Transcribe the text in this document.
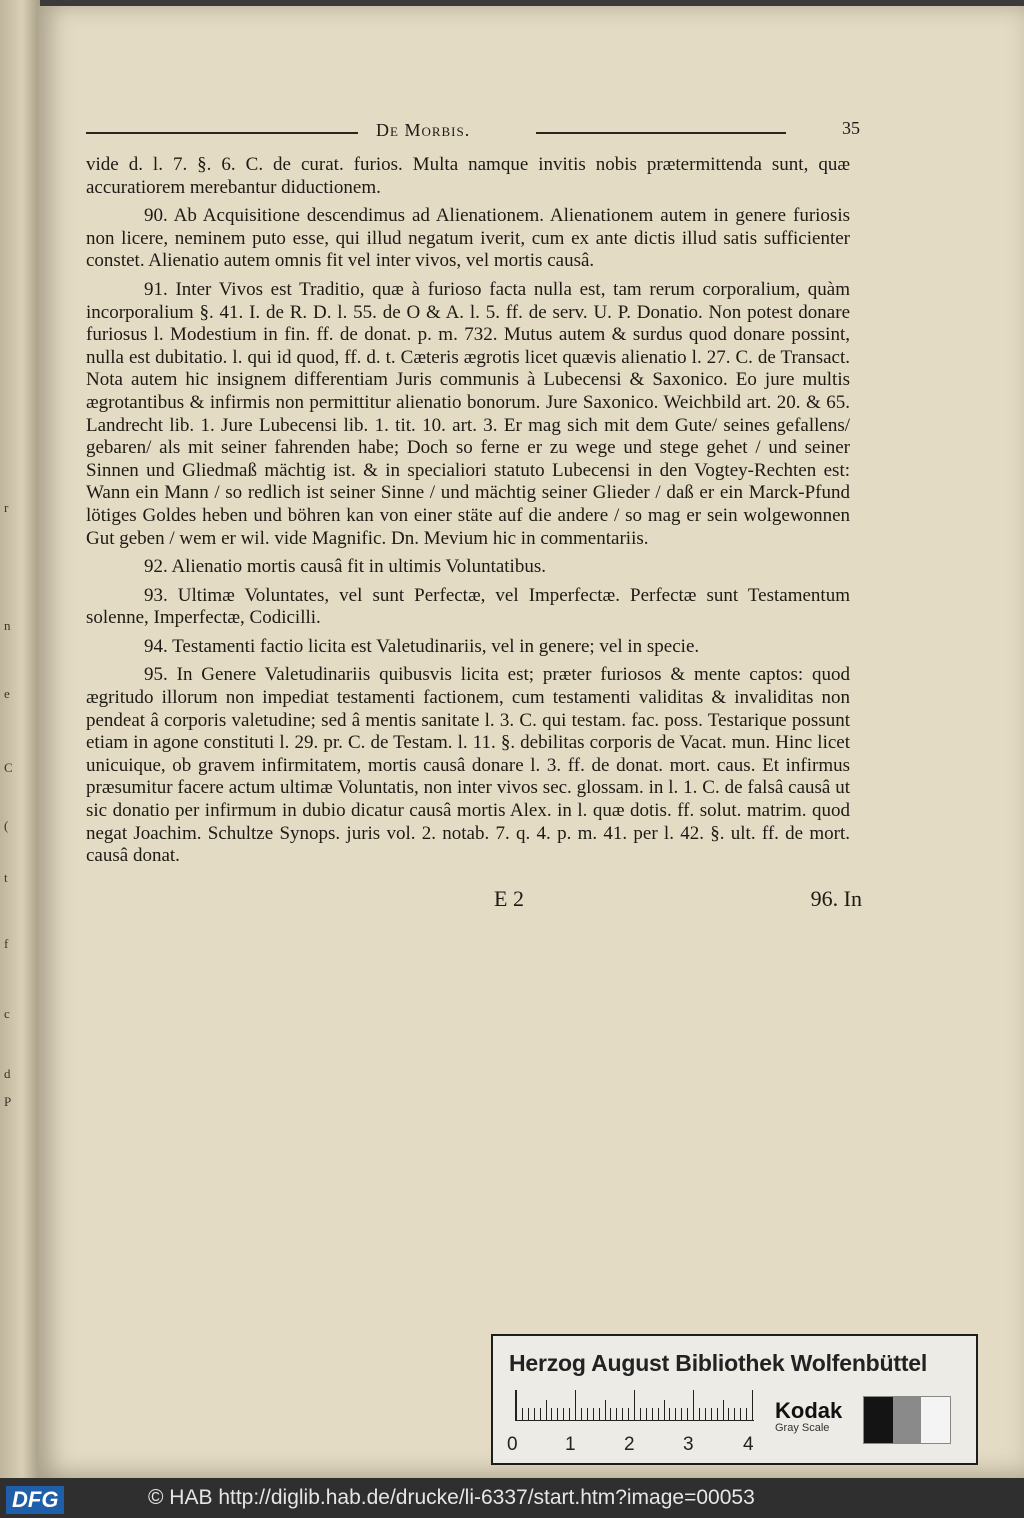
r
n
e
C
(
t
f
c
d
P
De Morbis.	35

vide d. l. 7. §. 6. C. de curat. furios. Multa namque invitis nobis prætermittenda sunt, quæ accuratiorem merebantur diductionem.

90. Ab Acquisitione descendimus ad Alienationem. Alienationem autem in genere furiosis non licere, neminem puto esse, qui illud negatum iverit, cum ex ante dictis illud satis sufficienter constet. Alienatio autem omnis fit vel inter vivos, vel mortis causâ.

91. Inter Vivos est Traditio, quæ à furioso facta nulla est, tam rerum corporalium, quàm incorporalium §. 41. I. de R. D. l. 55. de O & A. l. 5. ff. de serv. U. P. Donatio. Non potest donare furiosus l. Modestium in fin. ff. de donat. p. m. 732. Mutus autem & surdus quod donare possint, nulla est dubitatio. l. qui id quod, ff. d. t. Cæteris ægrotis licet quævis alienatio l. 27. C. de Transact. Nota autem hic insignem differentiam Juris communis à Lubecensi & Saxonico. Eo jure multis ægrotantibus & infirmis non permittitur alienatio bonorum. Jure Saxonico. Weichbild art. 20. & 65. Landrecht lib. 1. Jure Lubecensi lib. 1. tit. 10. art. 3. Er mag sich mit dem Gute/ seines gefallens/ gebaren/ als mit seiner fahrenden habe; Doch so ferne er zu wege und stege gehet / und seiner Sinnen und Gliedmaß mächtig ist. & in specialiori statuto Lubecensi in den Vogtey-Rechten est: Wann ein Mann / so redlich ist seiner Sinne / und mächtig seiner Glieder / daß er ein Marck-Pfund lötiges Goldes heben und böhren kan von einer stäte auf die andere / so mag er sein wolgewonnen Gut geben / wem er wil. vide Magnific. Dn. Mevium hic in commentariis.

92. Alienatio mortis causâ fit in ultimis Voluntatibus.

93. Ultimæ Voluntates, vel sunt Perfectæ, vel Imperfectæ. Perfectæ sunt Testamentum solenne, Imperfectæ, Codicilli.

94. Testamenti factio licita est Valetudinariis, vel in genere; vel in specie.

95. In Genere Valetudinariis quibusvis licita est; præter furiosos & mente captos: quod ægritudo illorum non impediat testamenti factionem, cum testamenti validitas & invaliditas non pendeat â corporis valetudine; sed â mentis sanitate l. 3. C. qui testam. fac. poss. Testarique possunt etiam in agone constituti l. 29. pr. C. de Testam. l. 11. §. debilitas corporis de Vacat. mun. Hinc licet unicuique, ob gravem infirmitatem, mortis causâ donare l. 3. ff. de donat. mort. caus. Et infirmus præsumitur facere actum ultimæ Voluntatis, non inter vivos sec. glossam. in l. 1. C. de falsâ causâ ut sic donatio per infirmum in dubio dicatur causâ mortis Alex. in l. quæ dotis. ff. solut. matrim. quod negat Joachim. Schultze Synops. juris vol. 2. notab. 7. q. 4. p. m. 41. per l. 42. §. ult. ff. de mort. causâ donat.

E 2	96. In
Herzog August Bibliothek Wolfenbüttel
0 1	2	3	4
Kodak
Gray Scale
DFG	© HAB http://diglib.hab.de/drucke/li-6337/start.htm?image=00053
